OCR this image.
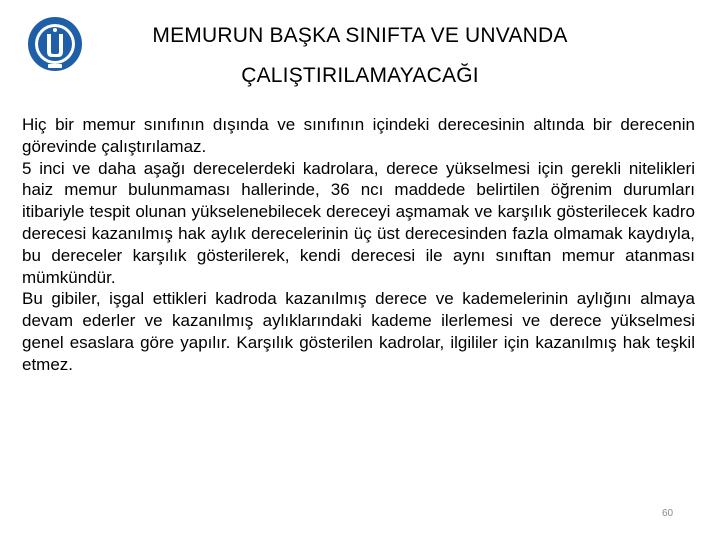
MEMURUN BAŞKA SINIFTA VE UNVANDA
ÇALIŞTIRILAMAYACAĞI

Hiç bir memur sınıfının dışında ve sınıfının içindeki derecesinin altında bir derecenin görevinde çalıştırılamaz.

5 inci ve daha aşağı derecelerdeki kadrolara, derece yükselmesi için gerekli nitelikleri haiz memur bulunmaması hallerinde, 36 ncı maddede belirtilen öğrenim durumları itibariyle tespit olunan yükselenebilecek dereceyi aşmamak ve karşılık gösterilecek kadro derecesi kazanılmış hak aylık derecelerinin üç üst derecesinden fazla olmamak kaydıyla, bu dereceler karşılık gösterilerek, kendi derecesi ile aynı sınıftan memur atanması mümkündür.

Bu gibiler, işgal ettikleri kadroda kazanılmış derece ve kademelerinin aylığını almaya devam ederler ve kazanılmış aylıklarındaki kademe ilerlemesi ve derece yükselmesi genel esaslara göre yapılır. Karşılık gösterilen kadrolar, ilgililer için kazanılmış hak teşkil etmez.

60
